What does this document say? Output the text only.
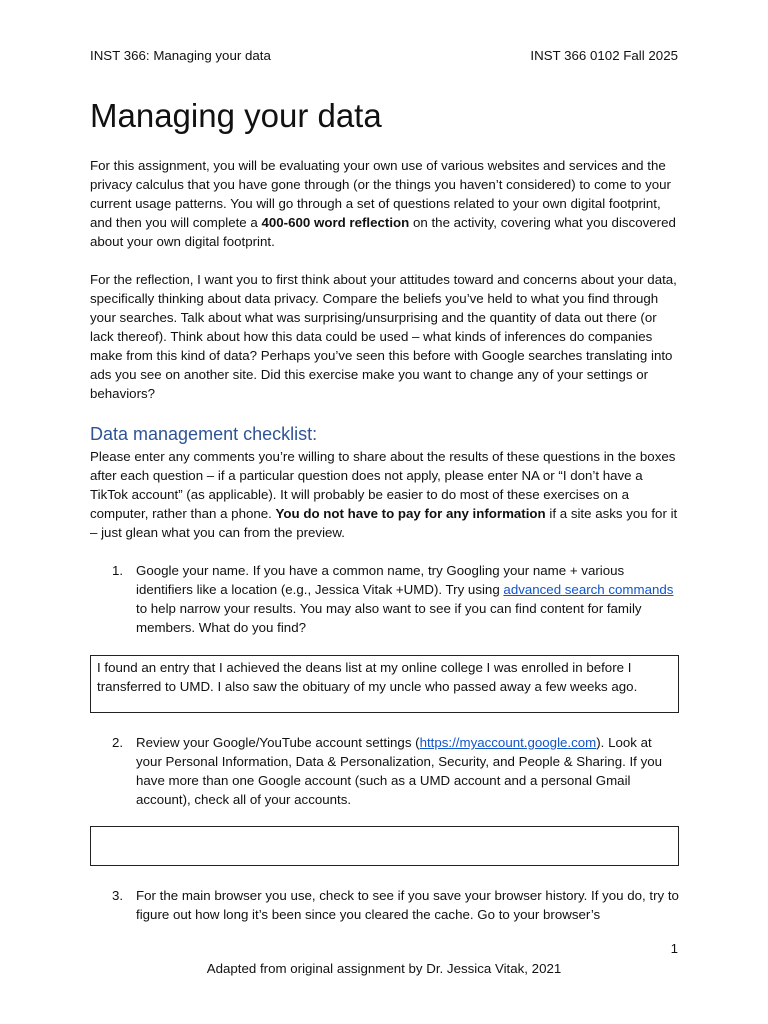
INST 366: Managing your data	INST 366 0102 Fall 2025
Managing your data

For this assignment, you will be evaluating your own use of various websites and services and the privacy calculus that you have gone through (or the things you haven’t considered) to come to your current usage patterns. You will go through a set of questions related to your own digital footprint, and then you will complete a 400-600 word reflection on the activity, covering what you discovered about your own digital footprint.

For the reflection, I want you to first think about your attitudes toward and concerns about your data, specifically thinking about data privacy. Compare the beliefs you’ve held to what you find through your searches. Talk about what was surprising/unsurprising and the quantity of data out there (or lack thereof). Think about how this data could be used – what kinds of inferences do companies make from this kind of data? Perhaps you’ve seen this before with Google searches translating into ads you see on another site. Did this exercise make you want to change any of your settings or behaviors?

Data management checklist:

Please enter any comments you’re willing to share about the results of these questions in the boxes after each question – if a particular question does not apply, please enter NA or “I don’t have a TikTok account” (as applicable). It will probably be easier to do most of these exercises on a computer, rather than a phone. You do not have to pay for any information if a site asks you for it – just glean what you can from the preview.

1. Google your name. If you have a common name, try Googling your name + various identifiers like a location (e.g., Jessica Vitak +UMD). Try using advanced search commands to help narrow your results. You may also want to see if you can find content for family members. What do you find?
I found an entry that I achieved the deans list at my online college I was enrolled in before I transferred to UMD. I also saw the obituary of my uncle who passed away a few weeks ago.
2. Review your Google/YouTube account settings (https://myaccount.google.com). Look at your Personal Information, Data & Personalization, Security, and People & Sharing. If you have more than one Google account (such as a UMD account and a personal Gmail account), check all of your accounts.
3. For the main browser you use, check to see if you save your browser history. If you do, try to figure out how long it’s been since you cleared the cache. Go to your browser’s
1
Adapted from original assignment by Dr. Jessica Vitak, 2021
